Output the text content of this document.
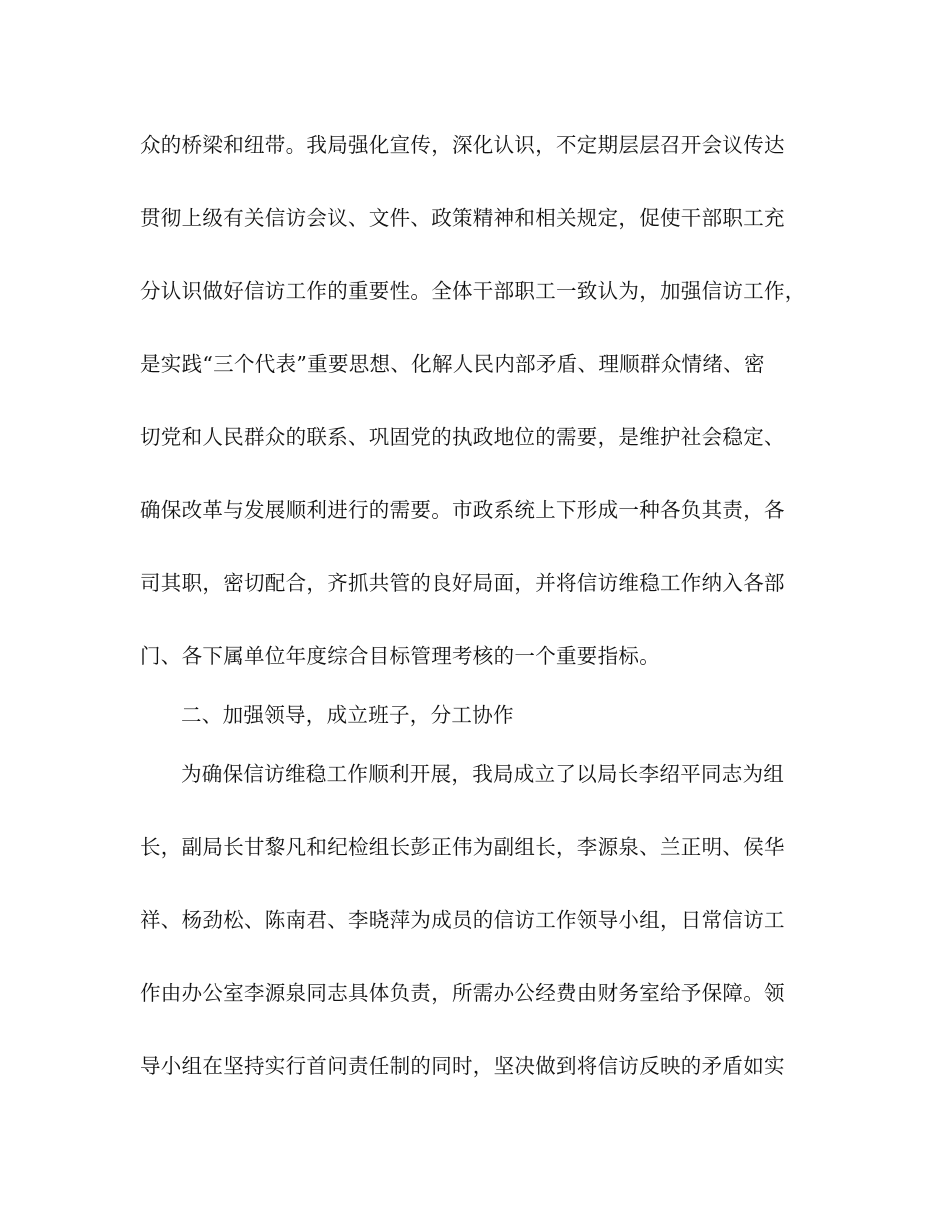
众的桥梁和纽带。我局强化宣传，深化认识，不定期层层召开会议传达
贯彻上级有关信访会议、文件、政策精神和相关规定，促使干部职工充
分认识做好信访工作的重要性。全体干部职工一致认为，加强信访工作，
是实践“三个代表”重要思想、化解人民内部矛盾、理顺群众情绪、密
切党和人民群众的联系、巩固党的执政地位的需要，是维护社会稳定、
确保改革与发展顺利进行的需要。市政系统上下形成一种各负其责，各
司其职，密切配合，齐抓共管的良好局面，并将信访维稳工作纳入各部
门、各下属单位年度综合目标管理考核的一个重要指标。
二、加强领导，成立班子，分工协作
为确保信访维稳工作顺利开展，我局成立了以局长李绍平同志为组
长，副局长甘黎凡和纪检组长彭正伟为副组长，李源泉、兰正明、侯华
祥、杨劲松、陈南君、李晓萍为成员的信访工作领导小组，日常信访工
作由办公室李源泉同志具体负责，所需办公经费由财务室给予保障。领
导小组在坚持实行首问责任制的同时，坚决做到将信访反映的矛盾如实
